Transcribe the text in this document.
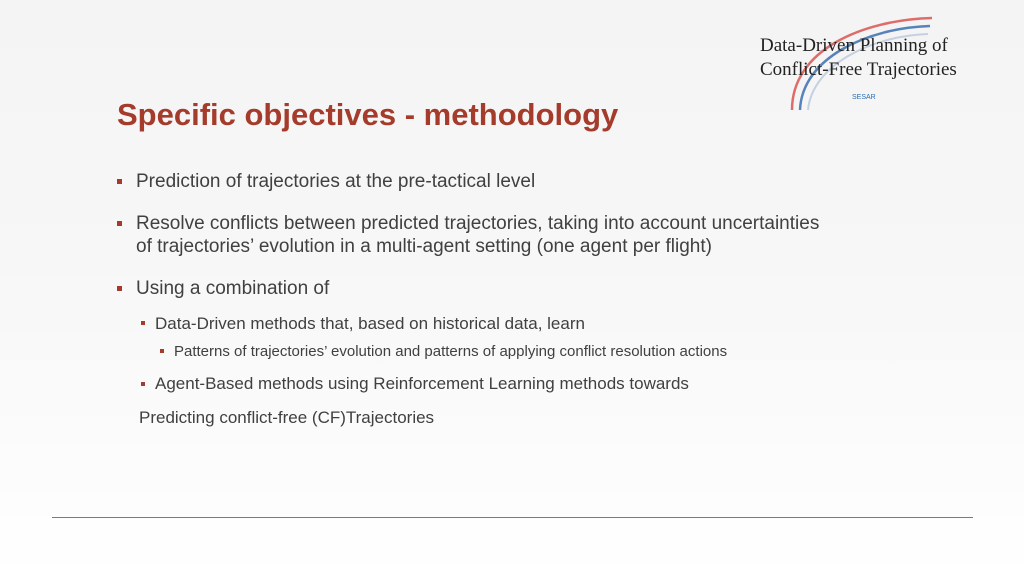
Data-Driven Planning of
Conflict-Free Trajectories
SESAR
Specific objectives - methodology
Prediction of trajectories at the pre-tactical level
Resolve conflicts between predicted trajectories, taking into account uncertainties
of trajectories’ evolution in a multi-agent setting (one agent per flight)
Using a combination of
Data-Driven methods that, based on historical data, learn
Patterns of trajectories’ evolution and patterns of applying conflict resolution actions
Agent-Based methods using Reinforcement Learning methods towards
Predicting conflict-free (CF)Trajectories
